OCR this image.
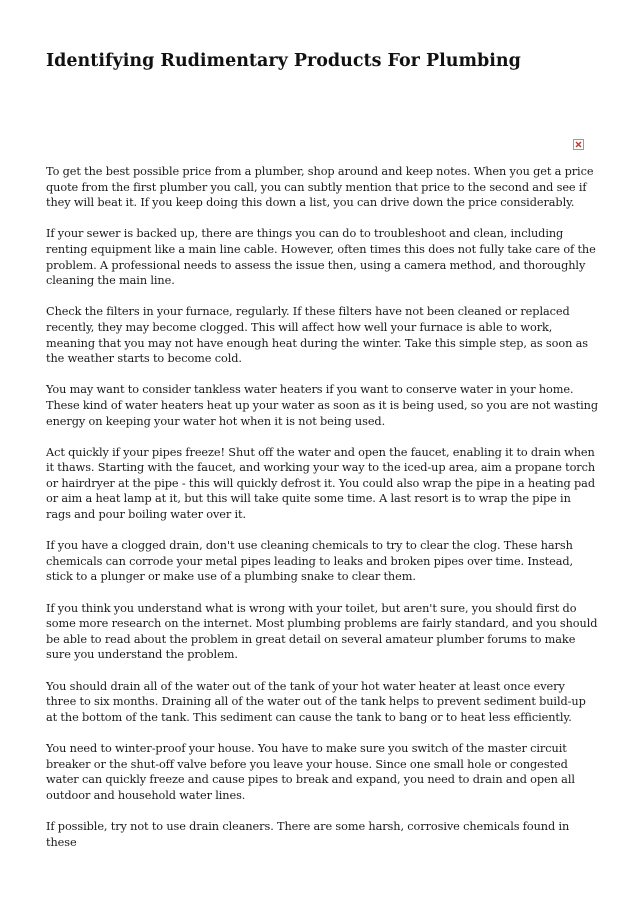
Identifying Rudimentary Products For Plumbing

To get the best possible price from a plumber, shop around and keep notes. When you get a price quote from the first plumber you call, you can subtly mention that price to the second and see if they will beat it. If you keep doing this down a list, you can drive down the price considerably.

If your sewer is backed up, there are things you can do to troubleshoot and clean, including renting equipment like a main line cable. However, often times this does not fully take care of the problem. A professional needs to assess the issue then, using a camera method, and thoroughly cleaning the main line.

Check the filters in your furnace, regularly. If these filters have not been cleaned or replaced recently, they may become clogged. This will affect how well your furnace is able to work, meaning that you may not have enough heat during the winter. Take this simple step, as soon as the weather starts to become cold.

You may want to consider tankless water heaters if you want to conserve water in your home. These kind of water heaters heat up your water as soon as it is being used, so you are not wasting energy on keeping your water hot when it is not being used.

Act quickly if your pipes freeze! Shut off the water and open the faucet, enabling it to drain when it thaws. Starting with the faucet, and working your way to the iced-up area, aim a propane torch or hairdryer at the pipe - this will quickly defrost it. You could also wrap the pipe in a heating pad or aim a heat lamp at it, but this will take quite some time. A last resort is to wrap the pipe in rags and pour boiling water over it.

If you have a clogged drain, don't use cleaning chemicals to try to clear the clog. These harsh chemicals can corrode your metal pipes leading to leaks and broken pipes over time. Instead, stick to a plunger or make use of a plumbing snake to clear them.

If you think you understand what is wrong with your toilet, but aren't sure, you should first do some more research on the internet. Most plumbing problems are fairly standard, and you should be able to read about the problem in great detail on several amateur plumber forums to make sure you understand the problem.

You should drain all of the water out of the tank of your hot water heater at least once every three to six months. Draining all of the water out of the tank helps to prevent sediment build-up at the bottom of the tank. This sediment can cause the tank to bang or to heat less efficiently.

You need to winter-proof your house. You have to make sure you switch of the master circuit breaker or the shut-off valve before you leave your house. Since one small hole or congested water can quickly freeze and cause pipes to break and expand, you need to drain and open all outdoor and household water lines.

If possible, try not to use drain cleaners. There are some harsh, corrosive chemicals found in these
